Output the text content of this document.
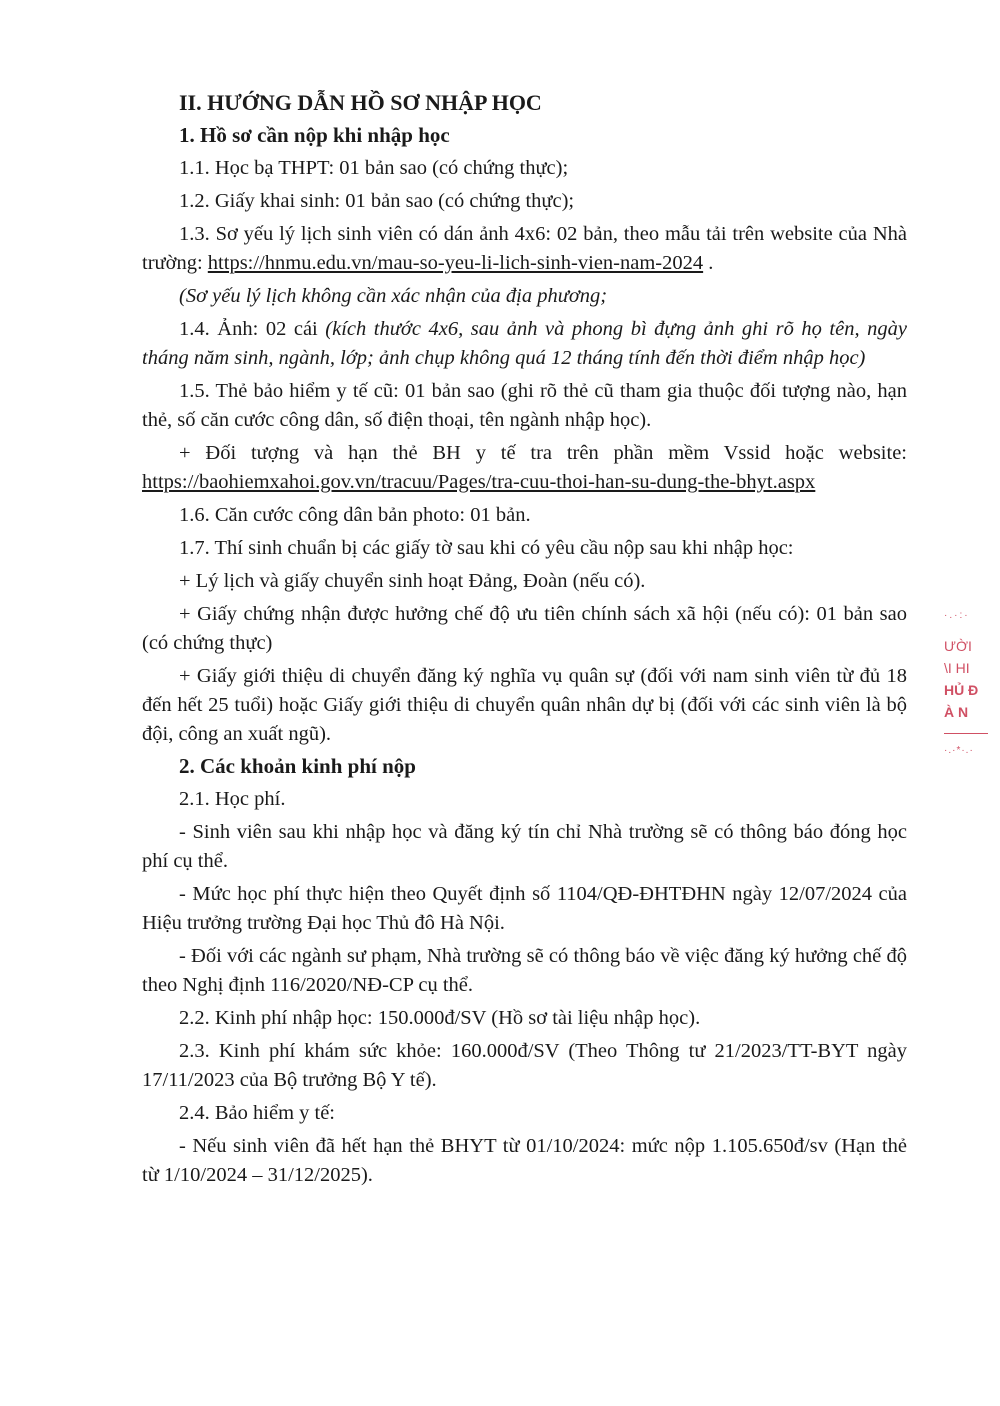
II. HƯỚNG DẪN HỒ SƠ NHẬP HỌC

1. Hồ sơ cần nộp khi nhập học

1.1. Học bạ THPT: 01 bản sao (có chứng thực);

1.2. Giấy khai sinh: 01 bản sao (có chứng thực);

1.3. Sơ yếu lý lịch sinh viên có dán ảnh 4x6: 02 bản, theo mẫu tải trên website của Nhà trường: https://hnmu.edu.vn/mau-so-yeu-li-lich-sinh-vien-nam-2024 .

(Sơ yếu lý lịch không cần xác nhận của địa phương;

1.4. Ảnh: 02 cái (kích thước 4x6, sau ảnh và phong bì đựng ảnh ghi rõ họ tên, ngày tháng năm sinh, ngành, lớp; ảnh chụp không quá 12 tháng tính đến thời điểm nhập học)

1.5. Thẻ bảo hiểm y tế cũ: 01 bản sao (ghi rõ thẻ cũ tham gia thuộc đối tượng nào, hạn thẻ, số căn cước công dân, số điện thoại, tên ngành nhập học).

+ Đối tượng và hạn thẻ BH y tế tra trên phần mềm Vssid hoặc website: https://baohiemxahoi.gov.vn/tracuu/Pages/tra-cuu-thoi-han-su-dung-the-bhyt.aspx

1.6. Căn cước công dân bản photo: 01 bản.

1.7. Thí sinh chuẩn bị các giấy tờ sau khi có yêu cầu nộp sau khi nhập học:

+ Lý lịch và giấy chuyển sinh hoạt Đảng, Đoàn (nếu có).

+ Giấy chứng nhận được hưởng chế độ ưu tiên chính sách xã hội (nếu có): 01 bản sao (có chứng thực)

+ Giấy giới thiệu di chuyển đăng ký nghĩa vụ quân sự (đối với nam sinh viên từ đủ 18 đến hết 25 tuổi) hoặc Giấy giới thiệu di chuyển quân nhân dự bị (đối với các sinh viên là bộ đội, công an xuất ngũ).

2. Các khoản kinh phí nộp

2.1. Học phí.

- Sinh viên sau khi nhập học và đăng ký tín chỉ Nhà trường sẽ có thông báo đóng học phí cụ thể.

- Mức học phí thực hiện theo Quyết định số 1104/QĐ-ĐHTĐHN ngày 12/07/2024 của Hiệu trưởng trường Đại học Thủ đô Hà Nội.

- Đối với các ngành sư phạm, Nhà trường sẽ có thông báo về việc đăng ký hưởng chế độ theo Nghị định 116/2020/NĐ-CP cụ thể.

2.2. Kinh phí nhập học: 150.000đ/SV (Hồ sơ tài liệu nhập học).

2.3. Kinh phí khám sức khỏe: 160.000đ/SV (Theo Thông tư 21/2023/TT-BYT ngày 17/11/2023 của Bộ trưởng Bộ Y tế).

2.4. Bảo hiểm y tế:

- Nếu sinh viên đã hết hạn thẻ BHYT từ 01/10/2024: mức nộp 1.105.650đ/sv (Hạn thẻ từ 1/10/2024 – 31/12/2025).

·.·:·
ƯỜI
\I HI
HỦ Đ
À N
·.·*·.·
